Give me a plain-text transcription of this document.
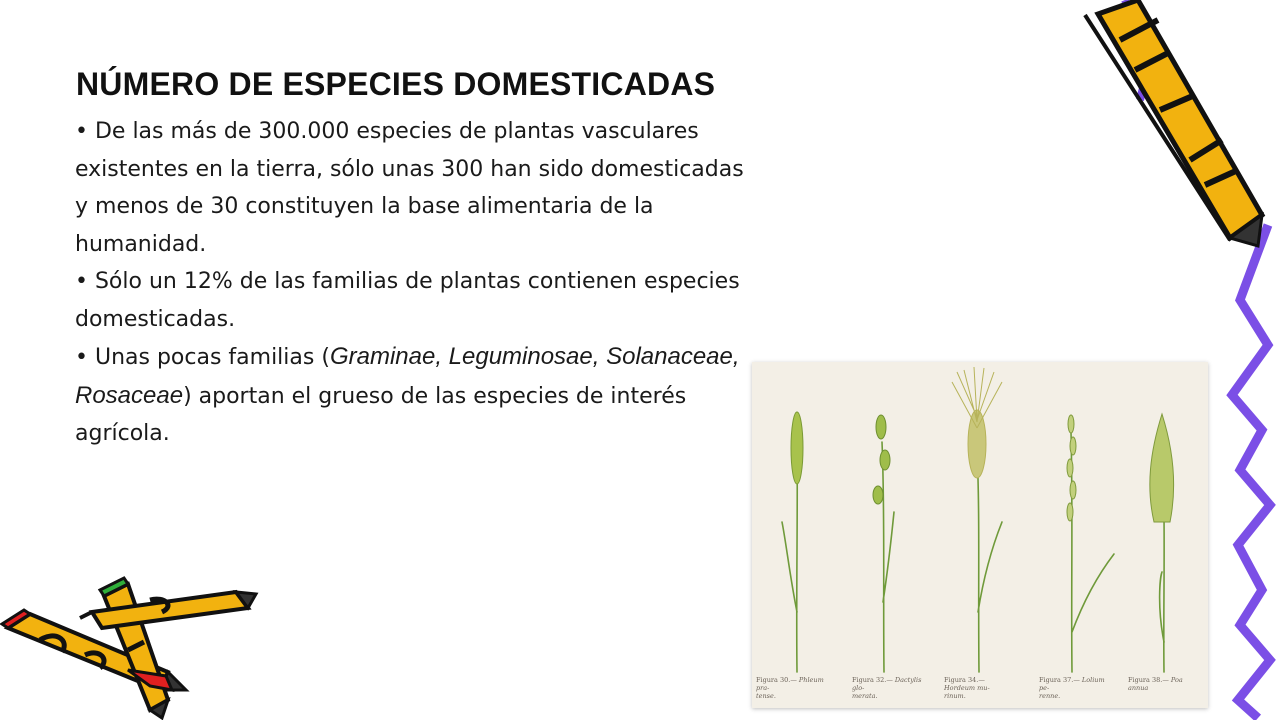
NÚMERO DE ESPECIES DOMESTICADAS

• De las más de 300.000 especies de plantas vasculares existentes en la tierra, sólo unas 300 han sido domesticadas y menos de 30 constituyen la base alimentaria de la humanidad.

• Sólo un 12% de las familias de plantas contienen especies domesticadas.

• Unas pocas familias (Graminae, Leguminosae, Solanaceae, Rosaceae) aportan el grueso de las especies de interés agrícola.

Figura 30.— Phleum pra-
tense.
Figura 32.— Dactylis glo-
merata.
Figura 34.— Hordeum mu-
rinum.
Figura 37.— Lolium pe-
renne.
Figura 38.— Poa annua
